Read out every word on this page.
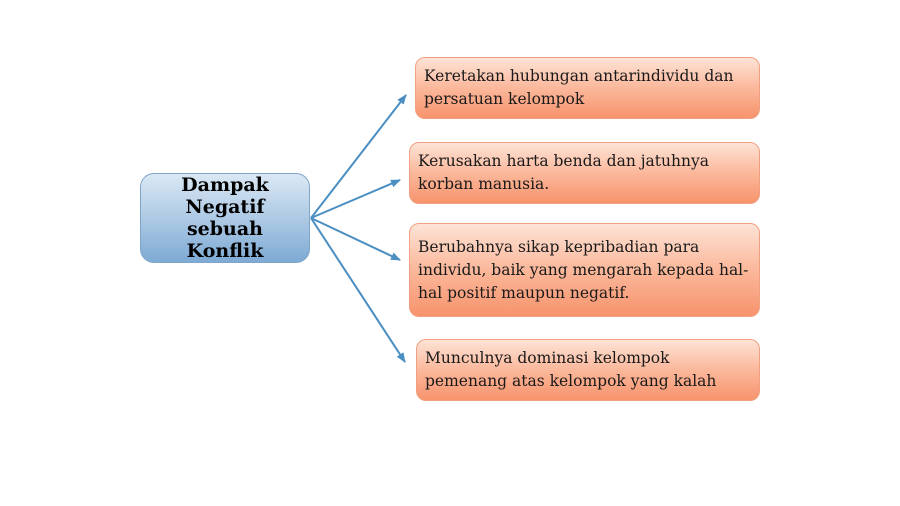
Dampak Negatif sebuah Konflik
Keretakan hubungan antarindividu dan persatuan kelompok
Kerusakan harta benda dan jatuhnya korban manusia.
Berubahnya sikap kepribadian para individu, baik yang mengarah kepada hal-hal positif maupun negatif.
Munculnya dominasi kelompok pemenang atas kelompok yang kalah
